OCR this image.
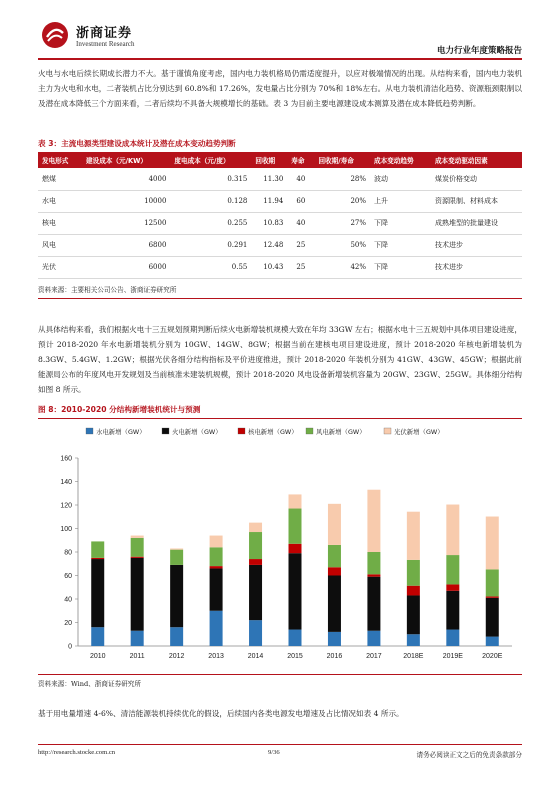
浙商证券
Investment Research
电力行业年度策略报告

火电与水电后续长期成长潜力不大。基于谨慎角度考虑，国内电力装机格局仍需适度提升，以应对极端情况的出现。从结构来看，国内电力装机主力为火电和水电，二者装机占比分别达到 60.8%和 17.26%，发电量占比分别为 70%和 18%左右。从电力装机清洁化趋势、资源瓶颈限制以及潜在成本降低三个方面来看，二者后续均不具备大规模增长的基础。表 3 为目前主要电源建设成本测算及潜在成本降低趋势判断。

表 3：主流电源类型建设成本统计及潜在成本变动趋势判断
发电形式	建设成本（元/KW）	度电成本（元/度）	回收期	寿命	回收期/寿命	成本变动趋势	成本变动驱动因素
燃煤	4000	0.315	11.30	40	28%	波动	煤炭价格变动
水电	10000	0.128	11.94	60	20%	上升	资源限制、材料成本
核电	12500	0.255	10.83	40	27%	下降	成熟堆型的批量建设
风电	6800	0.291	12.48	25	50%	下降	技术进步
光伏	6000	0.55	10.43	25	42%	下降	技术进步
资料来源：主要相关公司公告、浙商证券研究所

从具体结构来看，我们根据火电十三五规划预期判断后续火电新增装机规模大致在年均 33GW 左右；根据水电十三五规划中具体项目建设进度，预计 2018-2020 年水电新增装机分别为 10GW、14GW、8GW；根据当前在建核电项目建设进度，预计 2018-2020 年核电新增装机为 8.3GW、5.4GW、1.2GW；根据光伏各细分结构指标及平价进度推进，预计 2018-2020 年装机分别为 41GW、43GW、45GW；根据此前能源局公布的年度风电开发规划及当前核准未建装机规模，预计 2018-2020 风电设备新增装机容量为 20GW、23GW、25GW。具体细分结构如图 8 所示。

图 8：2010-2020 分结构新增装机统计与预测
水电新增（GW）	火电新增（GW）	核电新增（GW）	风电新增（GW）	光伏新增（GW）
0
20
40
60
80
100
120
140
160
2010	2011	2012	2013	2014	2015	2016	2017	2018E	2019E	2020E
资料来源：Wind、浙商证券研究所

基于用电量增速 4-6%、清洁能源装机持续优化的假设，后续国内各类电源发电增速及占比情况如表 4 所示。

http://research.stocke.com.cn	9/36	请务必阅读正文之后的免责条款部分
